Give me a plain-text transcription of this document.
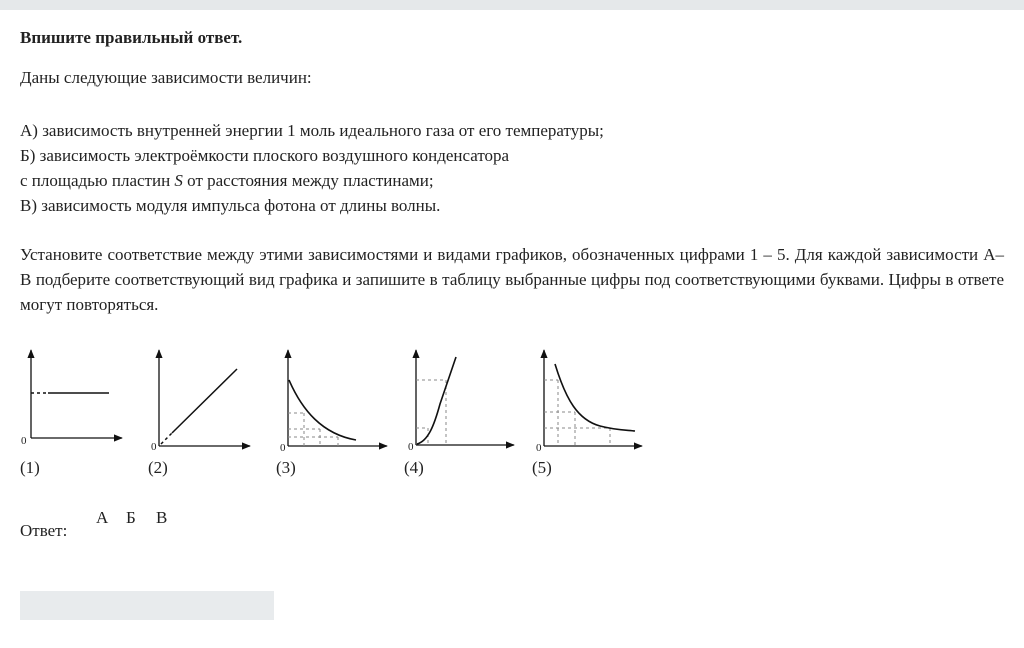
Впишите правильный ответ.
Даны следующие зависимости величин:
А) зависимость внутренней энергии 1 моль идеального газа от его температуры;
Б) зависимость электроёмкости плоского воздушного конденсатора
с площадью пластин S от расстояния между пластинами;
В) зависимость модуля импульса фотона от длины волны.
Установите соответствие между этими зависимостями и видами графиков, обозначенных цифрами 1 – 5. Для каждой зависимости А– В подберите соответствующий вид графика и запишите в таблицу выбранные цифры под соответствующими буквами. Цифры в ответе могут повторяться.
0	0	0	0	0
(1)	(2)	(3)	(4)	(5)
Ответ:
А Б В
